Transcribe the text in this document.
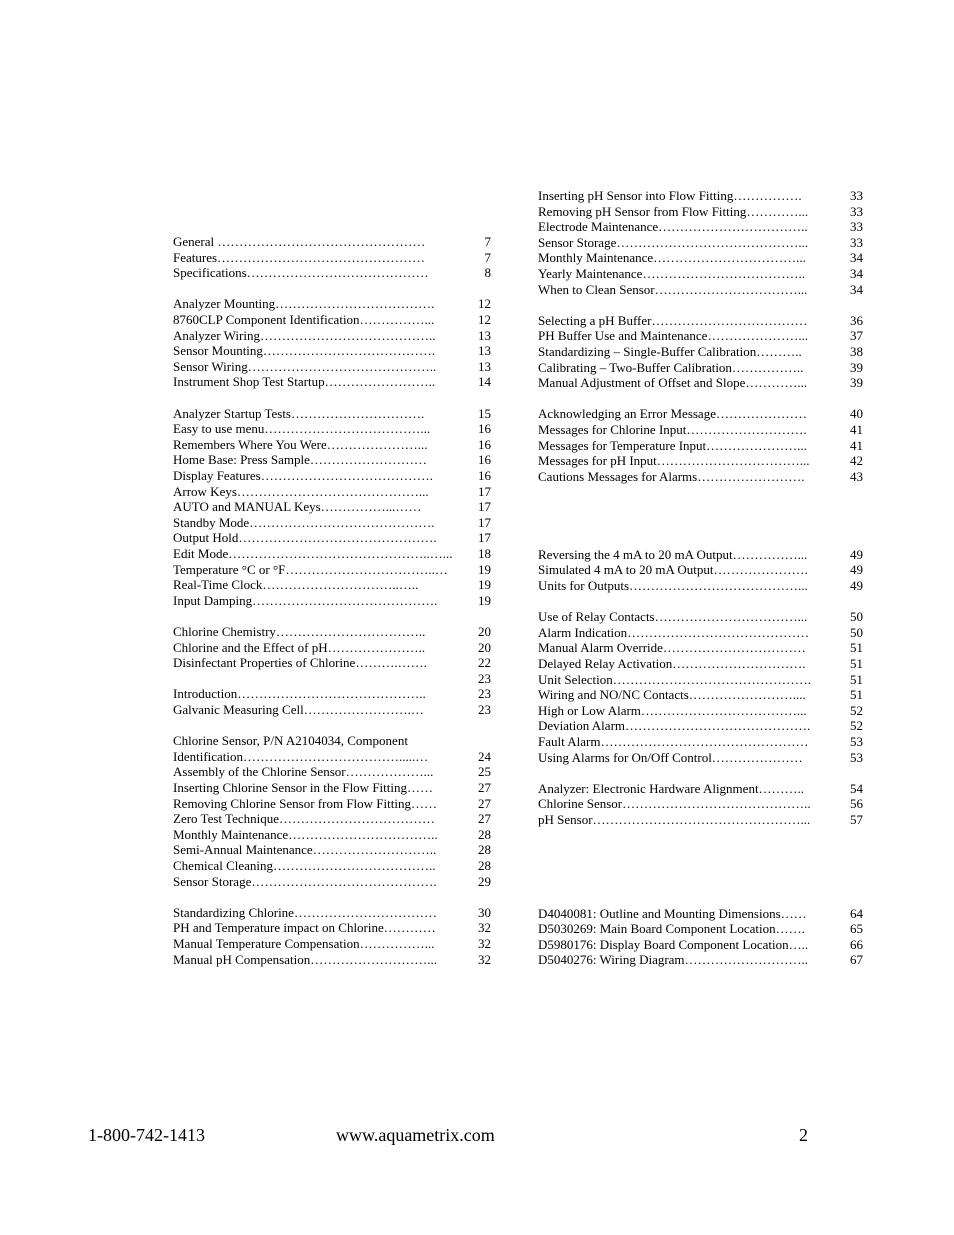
General …………………………………………	7
Features…………………………………………	7
Specifications……………………………………	8
Analyzer Mounting……………………………….	12
8760CLP Component Identification……………...	12
Analyzer Wiring…………………………………..	13
Sensor Mounting………………………………….	13
Sensor Wiring……………………………………..	13
Instrument Shop Test Startup……………………..	14
Analyzer Startup Tests………………………….	15
Easy to use menu………………………………...	16
Remembers Where You Were…………………...	16
Home Base: Press Sample………………………	16
Display Features………………………………….	16
Arrow Keys……………………………………...	17
AUTO and MANUAL Keys……………...……	17
Standby Mode…………………………………….	17
Output Hold……………………………………….	17
Edit Mode………………………………………..…... 18
Temperature °C or °F……………………………..… 19
Real-Time Clock…………………………..…..	19
Input Damping…………………………………….	19
Chlorine Chemistry……………………………..	20
Chlorine and the Effect of pH…………………..	20
Disinfectant Properties of Chlorine……….…….	22
23
Introduction……………………………………..	23
Galvanic Measuring Cell…………………….…	23
Chlorine Sensor, P/N A2104034, Component
Identification……………………………….....…	24
Assembly of the Chlorine Sensor………………...	25
Inserting Chlorine Sensor in the Flow Fitting……	27
Removing Chlorine Sensor from Flow Fitting……	27
Zero Test Technique………………………………	27
Monthly Maintenance……………………………..	28
Semi-Annual Maintenance………………………..	28
Chemical Cleaning………………………………..	28
Sensor Storage…………………………………….	29
Standardizing Chlorine……………………………	30
PH and Temperature impact on Chlorine…………	32
Manual Temperature Compensation……………...	32
Manual pH Compensation………………………...	32
Inserting pH Sensor into Flow Fitting…………….	33
Removing pH Sensor from Flow Fitting…………...	33
Electrode Maintenance……………………………..	33
Sensor Storage……………………………………...	33
Monthly Maintenance……………………………...	34
Yearly Maintenance………………………………..	34
When to Clean Sensor……………………………...	34
Selecting a pH Buffer………………………………	36
PH Buffer Use and Maintenance…………………...	37
Standardizing – Single-Buffer Calibration………..	38
Calibrating – Two-Buffer Calibration……………..	39
Manual Adjustment of Offset and Slope…………...	39
Acknowledging an Error Message…………………	40
Messages for Chlorine Input……………………….	41
Messages for Temperature Input…………………...	41
Messages for pH Input……………………………...	42
Cautions Messages for Alarms…………………….	43
Reversing the 4 mA to 20 mA Output……………...	49
Simulated 4 mA to 20 mA Output………………….	49
Units for Outputs…………………………………...	49
Use of Relay Contacts……………………………...	50
Alarm Indication……………………………………	50
Manual Alarm Override……………………………	51
Delayed Relay Activation………………………….	51
Unit Selection……………………………………….	51
Wiring and NO/NC Contacts……………………....	51
High or Low Alarm………………………………...	52
Deviation Alarm…………………………………….	52
Fault Alarm…………………………………………	53
Using Alarms for On/Off Control…………………	53
Analyzer: Electronic Hardware Alignment………..	54
Chlorine Sensor……………………………………..	56
pH Sensor…………………………………………...	57
D4040081: Outline and Mounting Dimensions……	64
D5030269: Main Board Component Location…….	65
D5980176: Display Board Component Location…..	66
D5040276: Wiring Diagram………………………..	67
1-800-742-1413	www.aquametrix.com	2
